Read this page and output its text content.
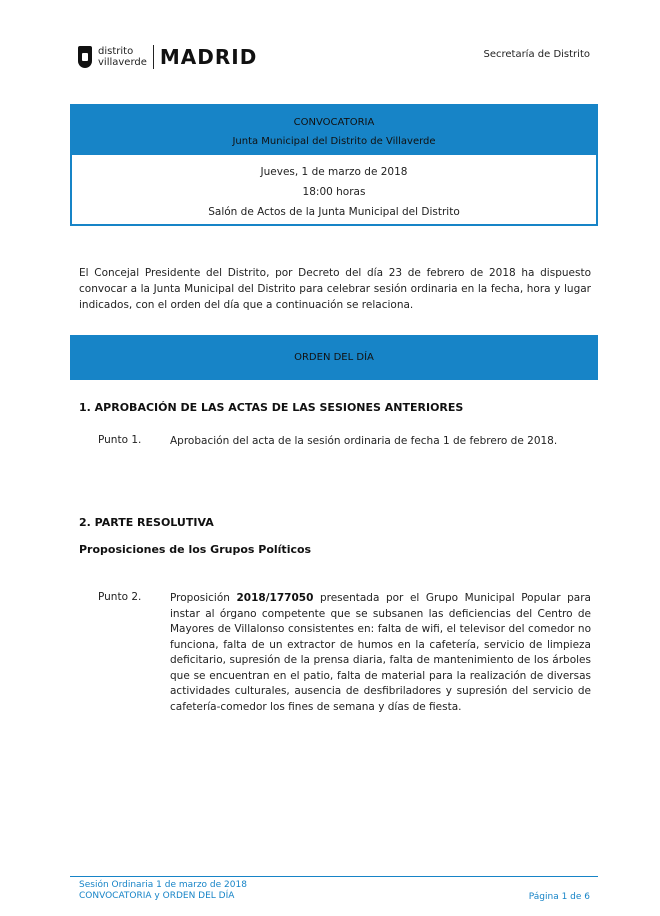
distrito
villaverde MADRID	Secretaría de Distrito
CONVOCATORIA
Junta Municipal del Distrito de Villaverde
Jueves, 1 de marzo de 2018
18:00 horas
Salón de Actos de la Junta Municipal del Distrito

El Concejal Presidente del Distrito, por Decreto del día 23 de febrero de 2018 ha dispuesto convocar a la Junta Municipal del Distrito para celebrar sesión ordinaria en la fecha, hora y lugar indicados, con el orden del día que a continuación se relaciona.

ORDEN DEL DÍA
1. APROBACIÓN DE LAS ACTAS DE LAS SESIONES ANTERIORES
Punto 1.	Aprobación del acta de la sesión ordinaria de fecha 1 de febrero de 2018.

2. PARTE RESOLUTIVA
Proposiciones de los Grupos Políticos
Punto 2.	Proposición 2018/177050 presentada por el Grupo Municipal Popular para instar al órgano competente que se subsanen las deficiencias del Centro de Mayores de Villalonso consistentes en: falta de wifi, el televisor del comedor no funciona, falta de un extractor de humos en la cafetería, servicio de limpieza deficitario, supresión de la prensa diaria, falta de mantenimiento de los árboles que se encuentran en el patio, falta de material para la realización de diversas actividades culturales, ausencia de desfibriladores y supresión del servicio de cafetería-comedor los fines de semana y días de fiesta.

Sesión Ordinaria 1 de marzo de 2018
CONVOCATORIA y ORDEN DEL DÍA	Página 1 de 6
